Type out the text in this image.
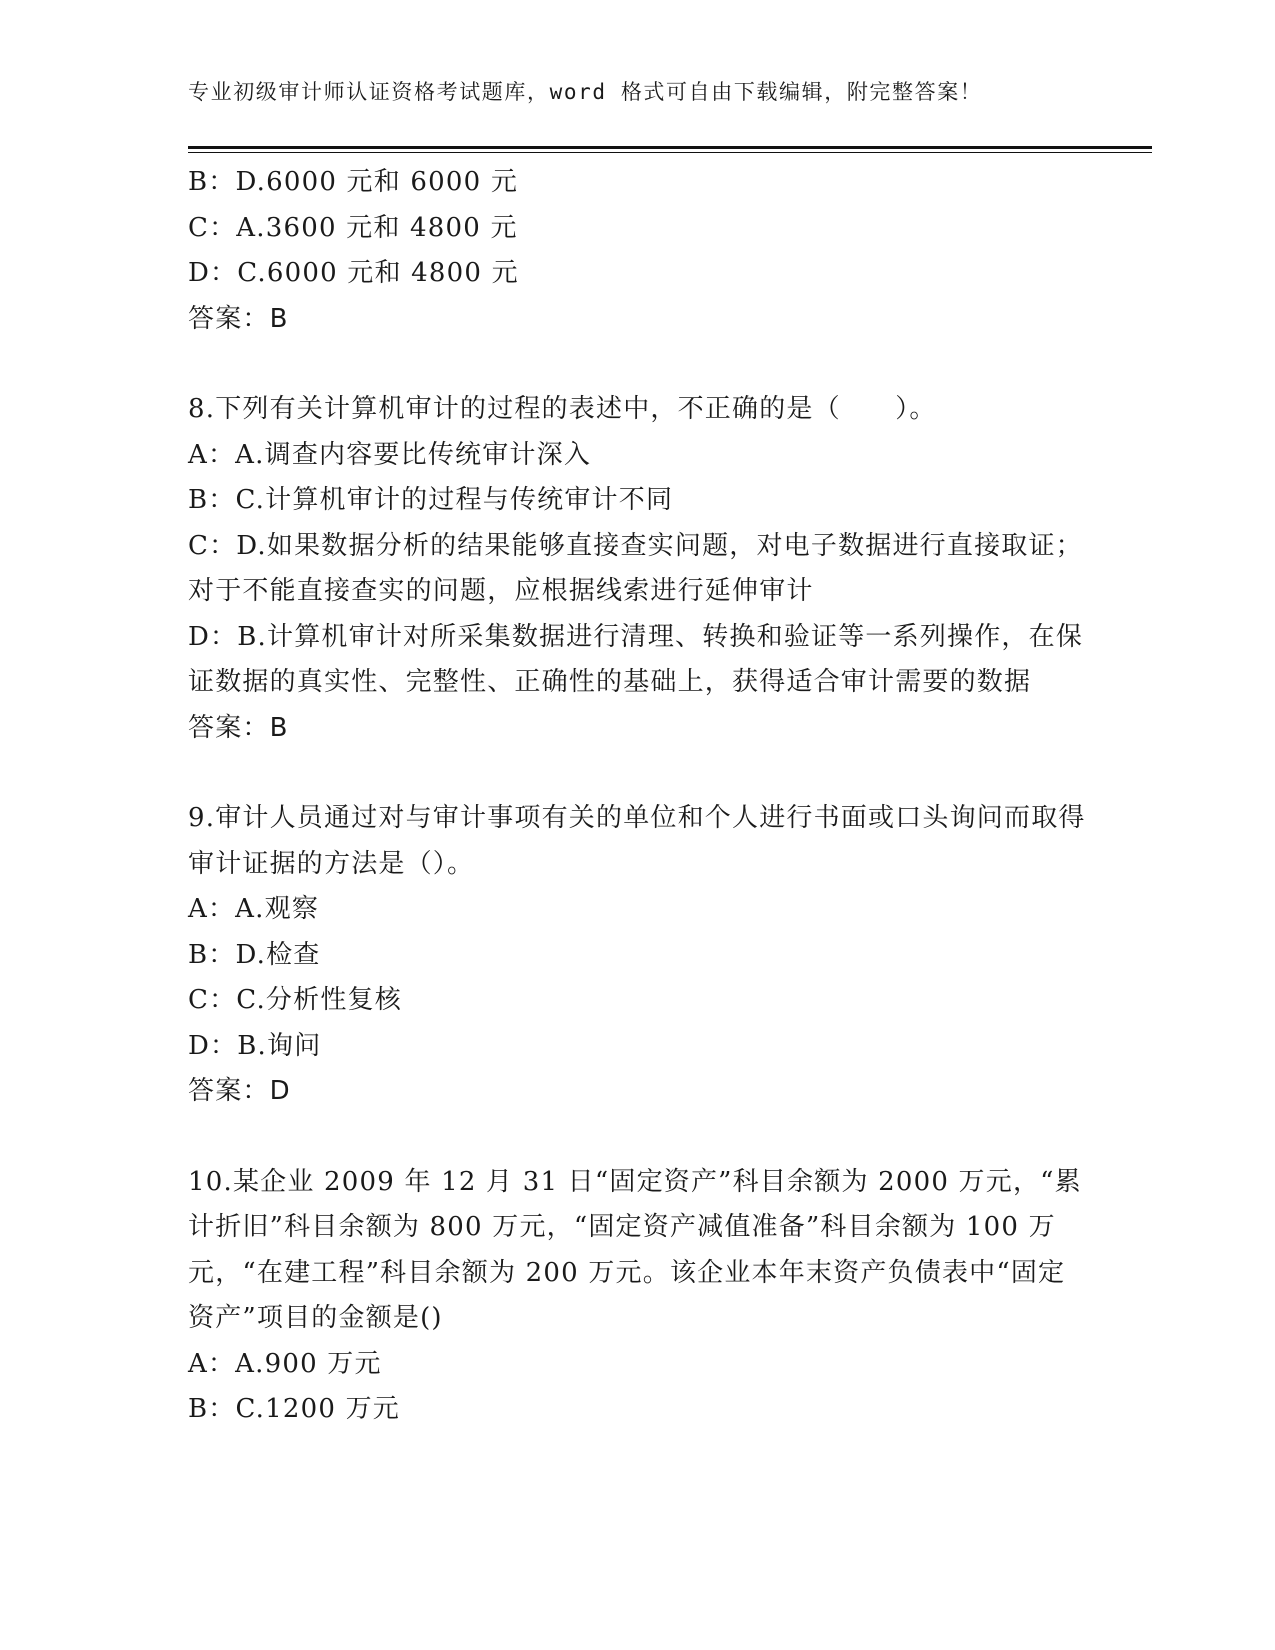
专业初级审计师认证资格考试题库，word 格式可自由下载编辑，附完整答案！
B：D.6000 元和 6000 元
C：A.3600 元和 4800 元
D：C.6000 元和 4800 元
答案：B
8.下列有关计算机审计的过程的表述中，不正确的是（　　）。
A：A.调查内容要比传统审计深入
B：C.计算机审计的过程与传统审计不同
C：D.如果数据分析的结果能够直接查实问题，对电子数据进行直接取证；对于不能直接查实的问题，应根据线索进行延伸审计
D：B.计算机审计对所采集数据进行清理、转换和验证等一系列操作，在保证数据的真实性、完整性、正确性的基础上，获得适合审计需要的数据
答案：B
9.审计人员通过对与审计事项有关的单位和个人进行书面或口头询问而取得审计证据的方法是（）。
A：A.观察
B：D.检查
C：C.分析性复核
D：B.询问
答案：D
10.某企业 2009 年 12 月 31 日“固定资产”科目余额为 2000 万元，“累计折旧”科目余额为 800 万元，“固定资产减值准备”科目余额为 100 万元，“在建工程”科目余额为 200 万元。该企业本年末资产负债表中“固定资产”项目的金额是()
A：A.900 万元
B：C.1200 万元
